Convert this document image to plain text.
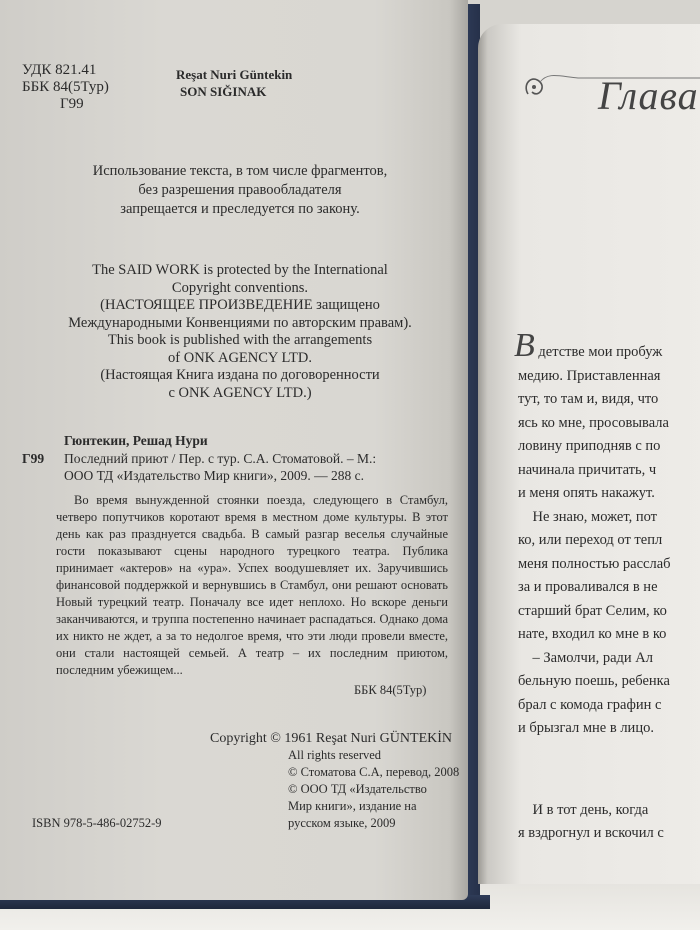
УДК 821.41
ББК 84(5Тур)
Г99
Reşat Nuri Güntekin
SON SIĞINAK
Использование текста, в том числе фрагментов,
без разрешения правообладателя
запрещается и преследуется по закону.
The SAID WORK is protected by the International
Copyright conventions.
(НАСТОЯЩЕЕ ПРОИЗВЕДЕНИЕ защищено
Международными Конвенциями по авторским правам).
This book is published with the arrangements
of ONK AGENCY LTD.
(Настоящая Книга издана по договоренности
с ONK AGENCY LTD.)
Гюнтекин, Решад Нури
Г99	Последний приют / Пер. с тур. С.А. Стоматовой. – М.:
ООО ТД «Издательство Мир книги», 2009. — 288 с.
Во время вынужденной стоянки поезда, следующего в Стамбул, четверо попутчиков коротают время в местном доме культуры. В этот день как раз празднуется свадьба. В самый разгар веселья случайные гости показывают сцены народного турецкого театра. Публика принимает «актеров» на «ура». Успех воодушевляет их. Заручившись финансовой поддержкой и вернувшись в Стамбул, они решают основать Новый турецкий театр. Поначалу все идет неплохо. Но вскоре деньги заканчиваются, и труппа постепенно начинает распадаться. Однако дома их никто не ждет, а за то недолгое время, что эти люди провели вместе, они стали настоящей семьей. А театр – их последним приютом, последним убежищем...
ББК 84(5Тур)
Copyright © 1961 Reşat Nuri GÜNTEKİN
All rights reserved
© Стоматова С.А, перевод, 2008
© ООО ТД «Издательство
Мир книги», издание на
русском языке, 2009
ISBN 978-5-486-02752-9
Глава
В детстве мои пробуж
медию. Приставленная
тут, то там и, видя, что
ясь ко мне, просовывала
ловину приподняв с по
начинала причитать, ч
и меня опять накажут.
Не знаю, может, пот
ко, или переход от тепл
меня полностью расслаб
за и проваливался в не
старший брат Селим, ко
нате, входил ко мне в ко
– Замолчи, ради Ал
бельную поешь, ребенка
брал с комода графин с
и брызгал мне в лицо.
И в тот день, когда
я вздрогнул и вскочил с
